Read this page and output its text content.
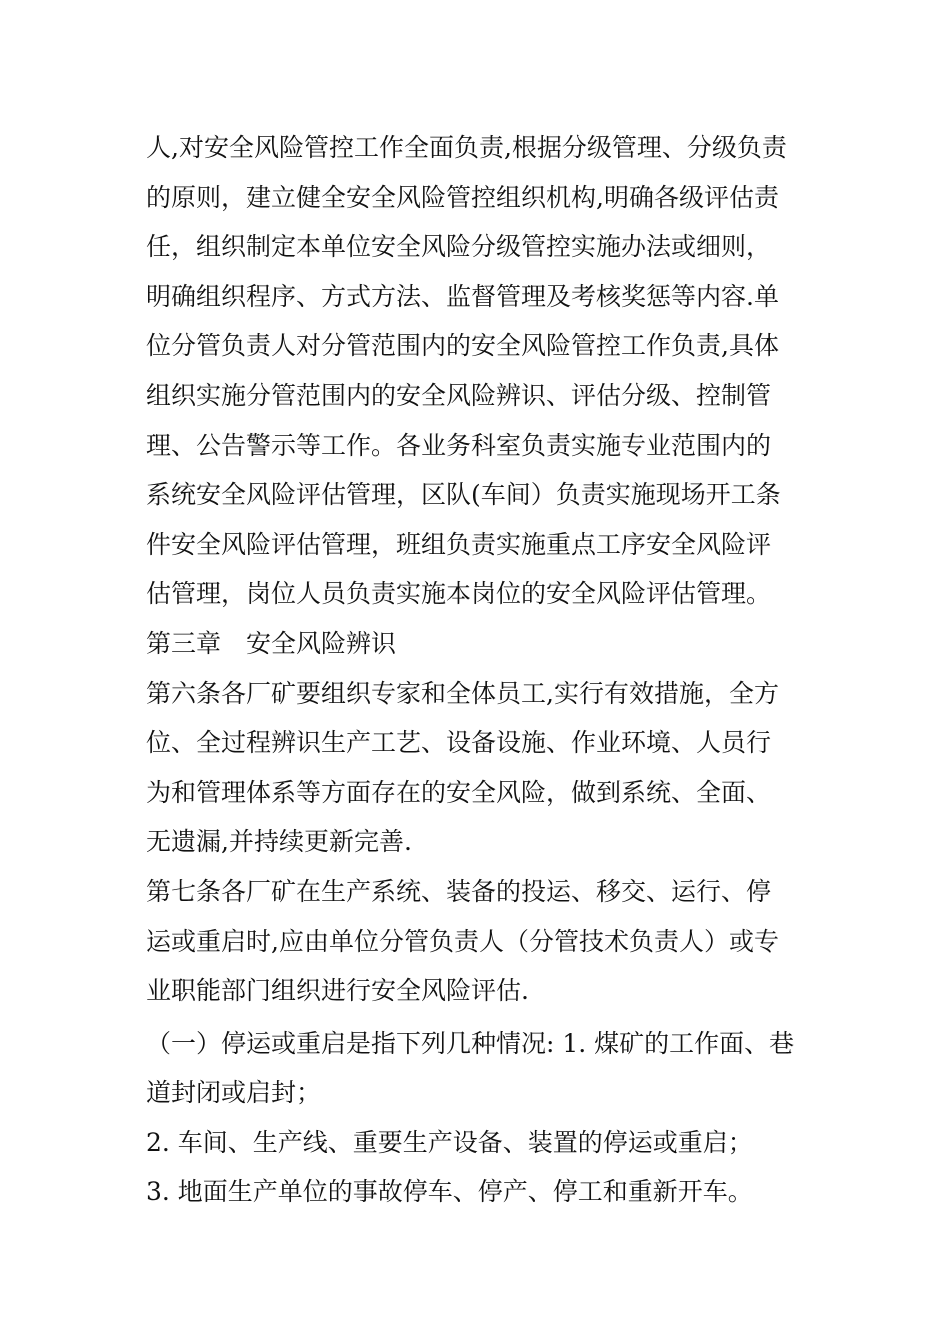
人,对安全风险管控工作全面负责,根据分级管理、分级负责
的原则，建立健全安全风险管控组织机构,明确各级评估责
任，组织制定本单位安全风险分级管控实施办法或细则，
明确组织程序、方式方法、监督管理及考核奖惩等内容.单
位分管负责人对分管范围内的安全风险管控工作负责,具体
组织实施分管范围内的安全风险辨识、评估分级、控制管
理、公告警示等工作。各业务科室负责实施专业范围内的
系统安全风险评估管理，区队(车间）负责实施现场开工条
件安全风险评估管理，班组负责实施重点工序安全风险评
估管理，岗位人员负责实施本岗位的安全风险评估管理。
第三章　安全风险辨识
第六条各厂矿要组织专家和全体员工,实行有效措施，全方
位、全过程辨识生产工艺、设备设施、作业环境、人员行
为和管理体系等方面存在的安全风险，做到系统、全面、
无遗漏,并持续更新完善.
第七条各厂矿在生产系统、装备的投运、移交、运行、停
运或重启时,应由单位分管负责人（分管技术负责人）或专
业职能部门组织进行安全风险评估.
（一）停运或重启是指下列几种情况: 1. 煤矿的工作面、巷
道封闭或启封；
2. 车间、生产线、重要生产设备、装置的停运或重启；
3. 地面生产单位的事故停车、停产、停工和重新开车。
